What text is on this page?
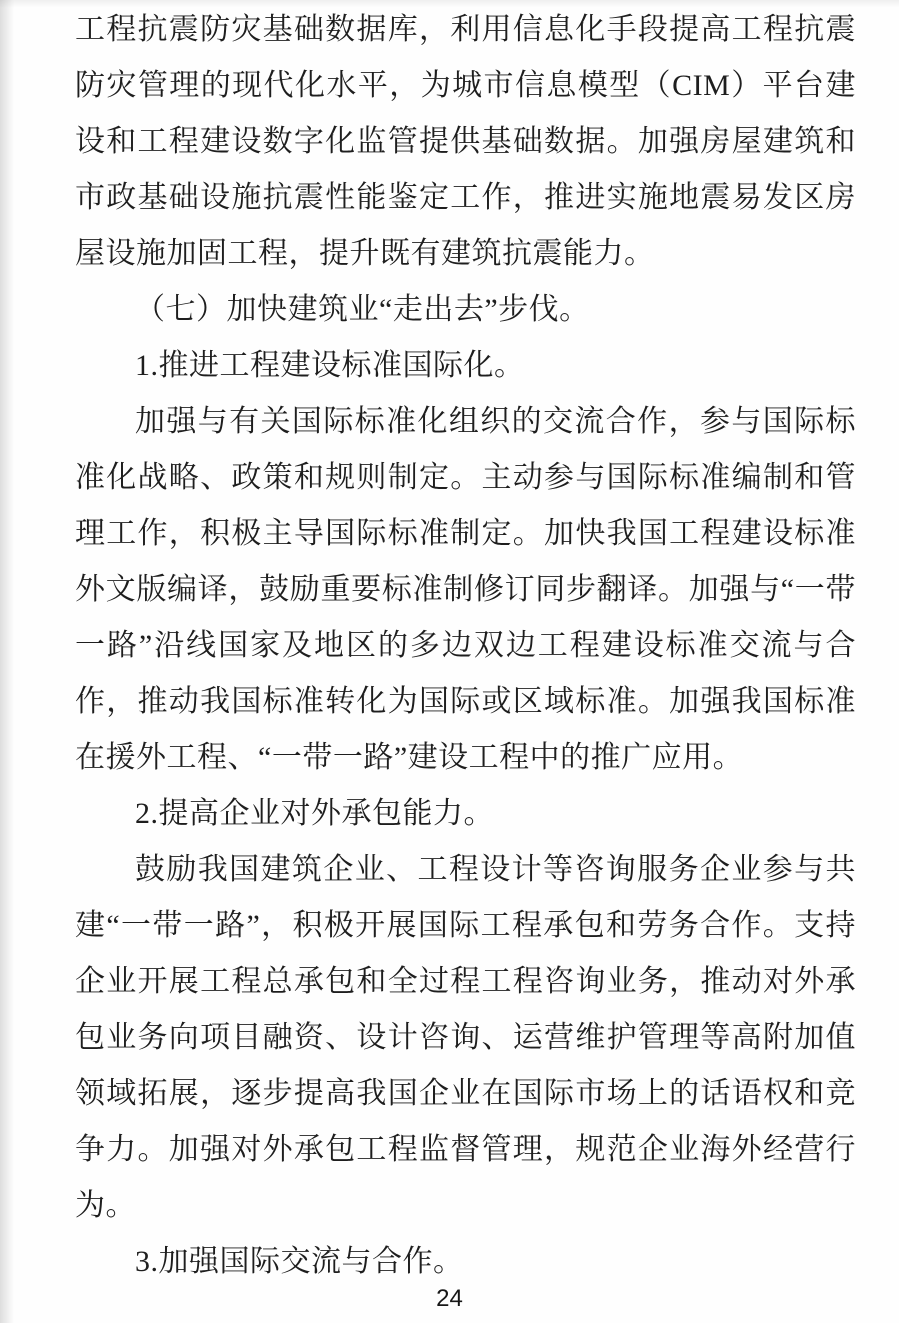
工程抗震防灾基础数据库，利用信息化手段提高工程抗震防灾管理的现代化水平，为城市信息模型（CIM）平台建设和工程建设数字化监管提供基础数据。加强房屋建筑和市政基础设施抗震性能鉴定工作，推进实施地震易发区房屋设施加固工程，提升既有建筑抗震能力。

（七）加快建筑业“走出去”步伐。

1.推进工程建设标准国际化。

加强与有关国际标准化组织的交流合作，参与国际标准化战略、政策和规则制定。主动参与国际标准编制和管理工作，积极主导国际标准制定。加快我国工程建设标准外文版编译，鼓励重要标准制修订同步翻译。加强与“一带一路”沿线国家及地区的多边双边工程建设标准交流与合作，推动我国标准转化为国际或区域标准。加强我国标准在援外工程、“一带一路”建设工程中的推广应用。

2.提高企业对外承包能力。

鼓励我国建筑企业、工程设计等咨询服务企业参与共建“一带一路”，积极开展国际工程承包和劳务合作。支持企业开展工程总承包和全过程工程咨询业务，推动对外承包业务向项目融资、设计咨询、运营维护管理等高附加值领域拓展，逐步提高我国企业在国际市场上的话语权和竞争力。加强对外承包工程监督管理，规范企业海外经营行为。

3.加强国际交流与合作。

24
